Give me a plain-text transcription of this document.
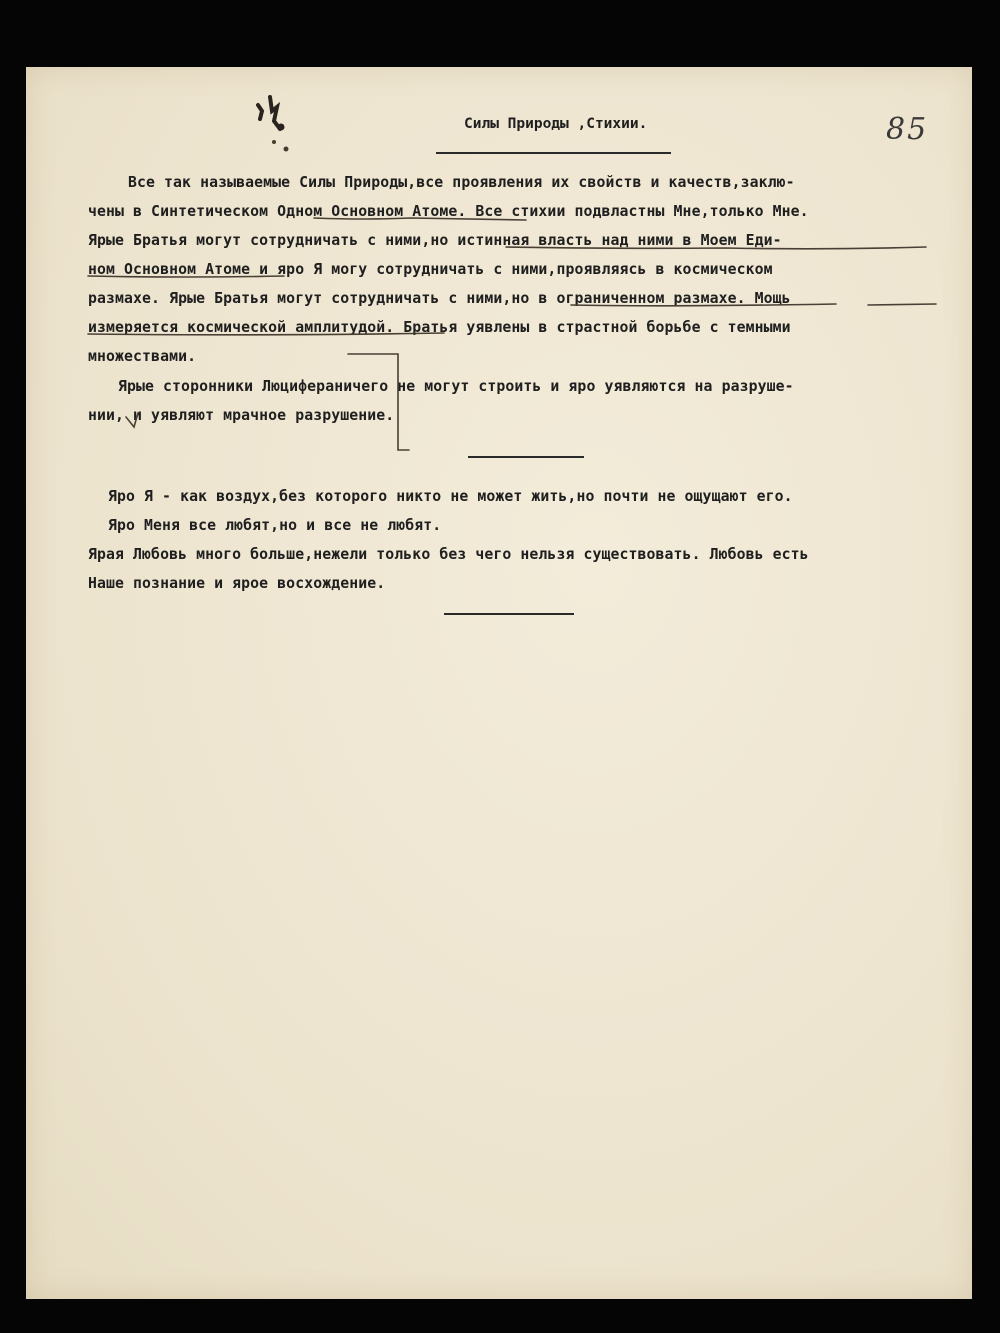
85
Силы Природы ,Стихии.
Все так называемые Силы Природы,все проявления их свойств и качеств,заклю-
чены в Синтетическом Одном Основном Атоме. Все стихии подвластны Мне,только Мне.
Ярые Братья могут сотрудничать с ними,но истинная власть над ними в Моем Еди-
ном Основном Атоме и яро Я могу сотрудничать с ними,проявляясь в космическом
размахе. Ярые Братья могут сотрудничать с ними,но в ограниченном размахе. Мощь
измеряется космической амплитудой. Братья уявлены в страстной борьбе с темными
множествами.
Ярые сторонники Люцифераничего не могут строить и яро уявляются на разруше-
нии, и уявляют мрачное разрушение.
Яро Я - как воздух,без которого никто не может жить,но почти не ощущают его.
Яро Меня все любят,но и все не любят.
Ярая Любовь много больше,нежели только без чего нельзя существовать. Любовь есть
Наше познание и ярое восхождение.
